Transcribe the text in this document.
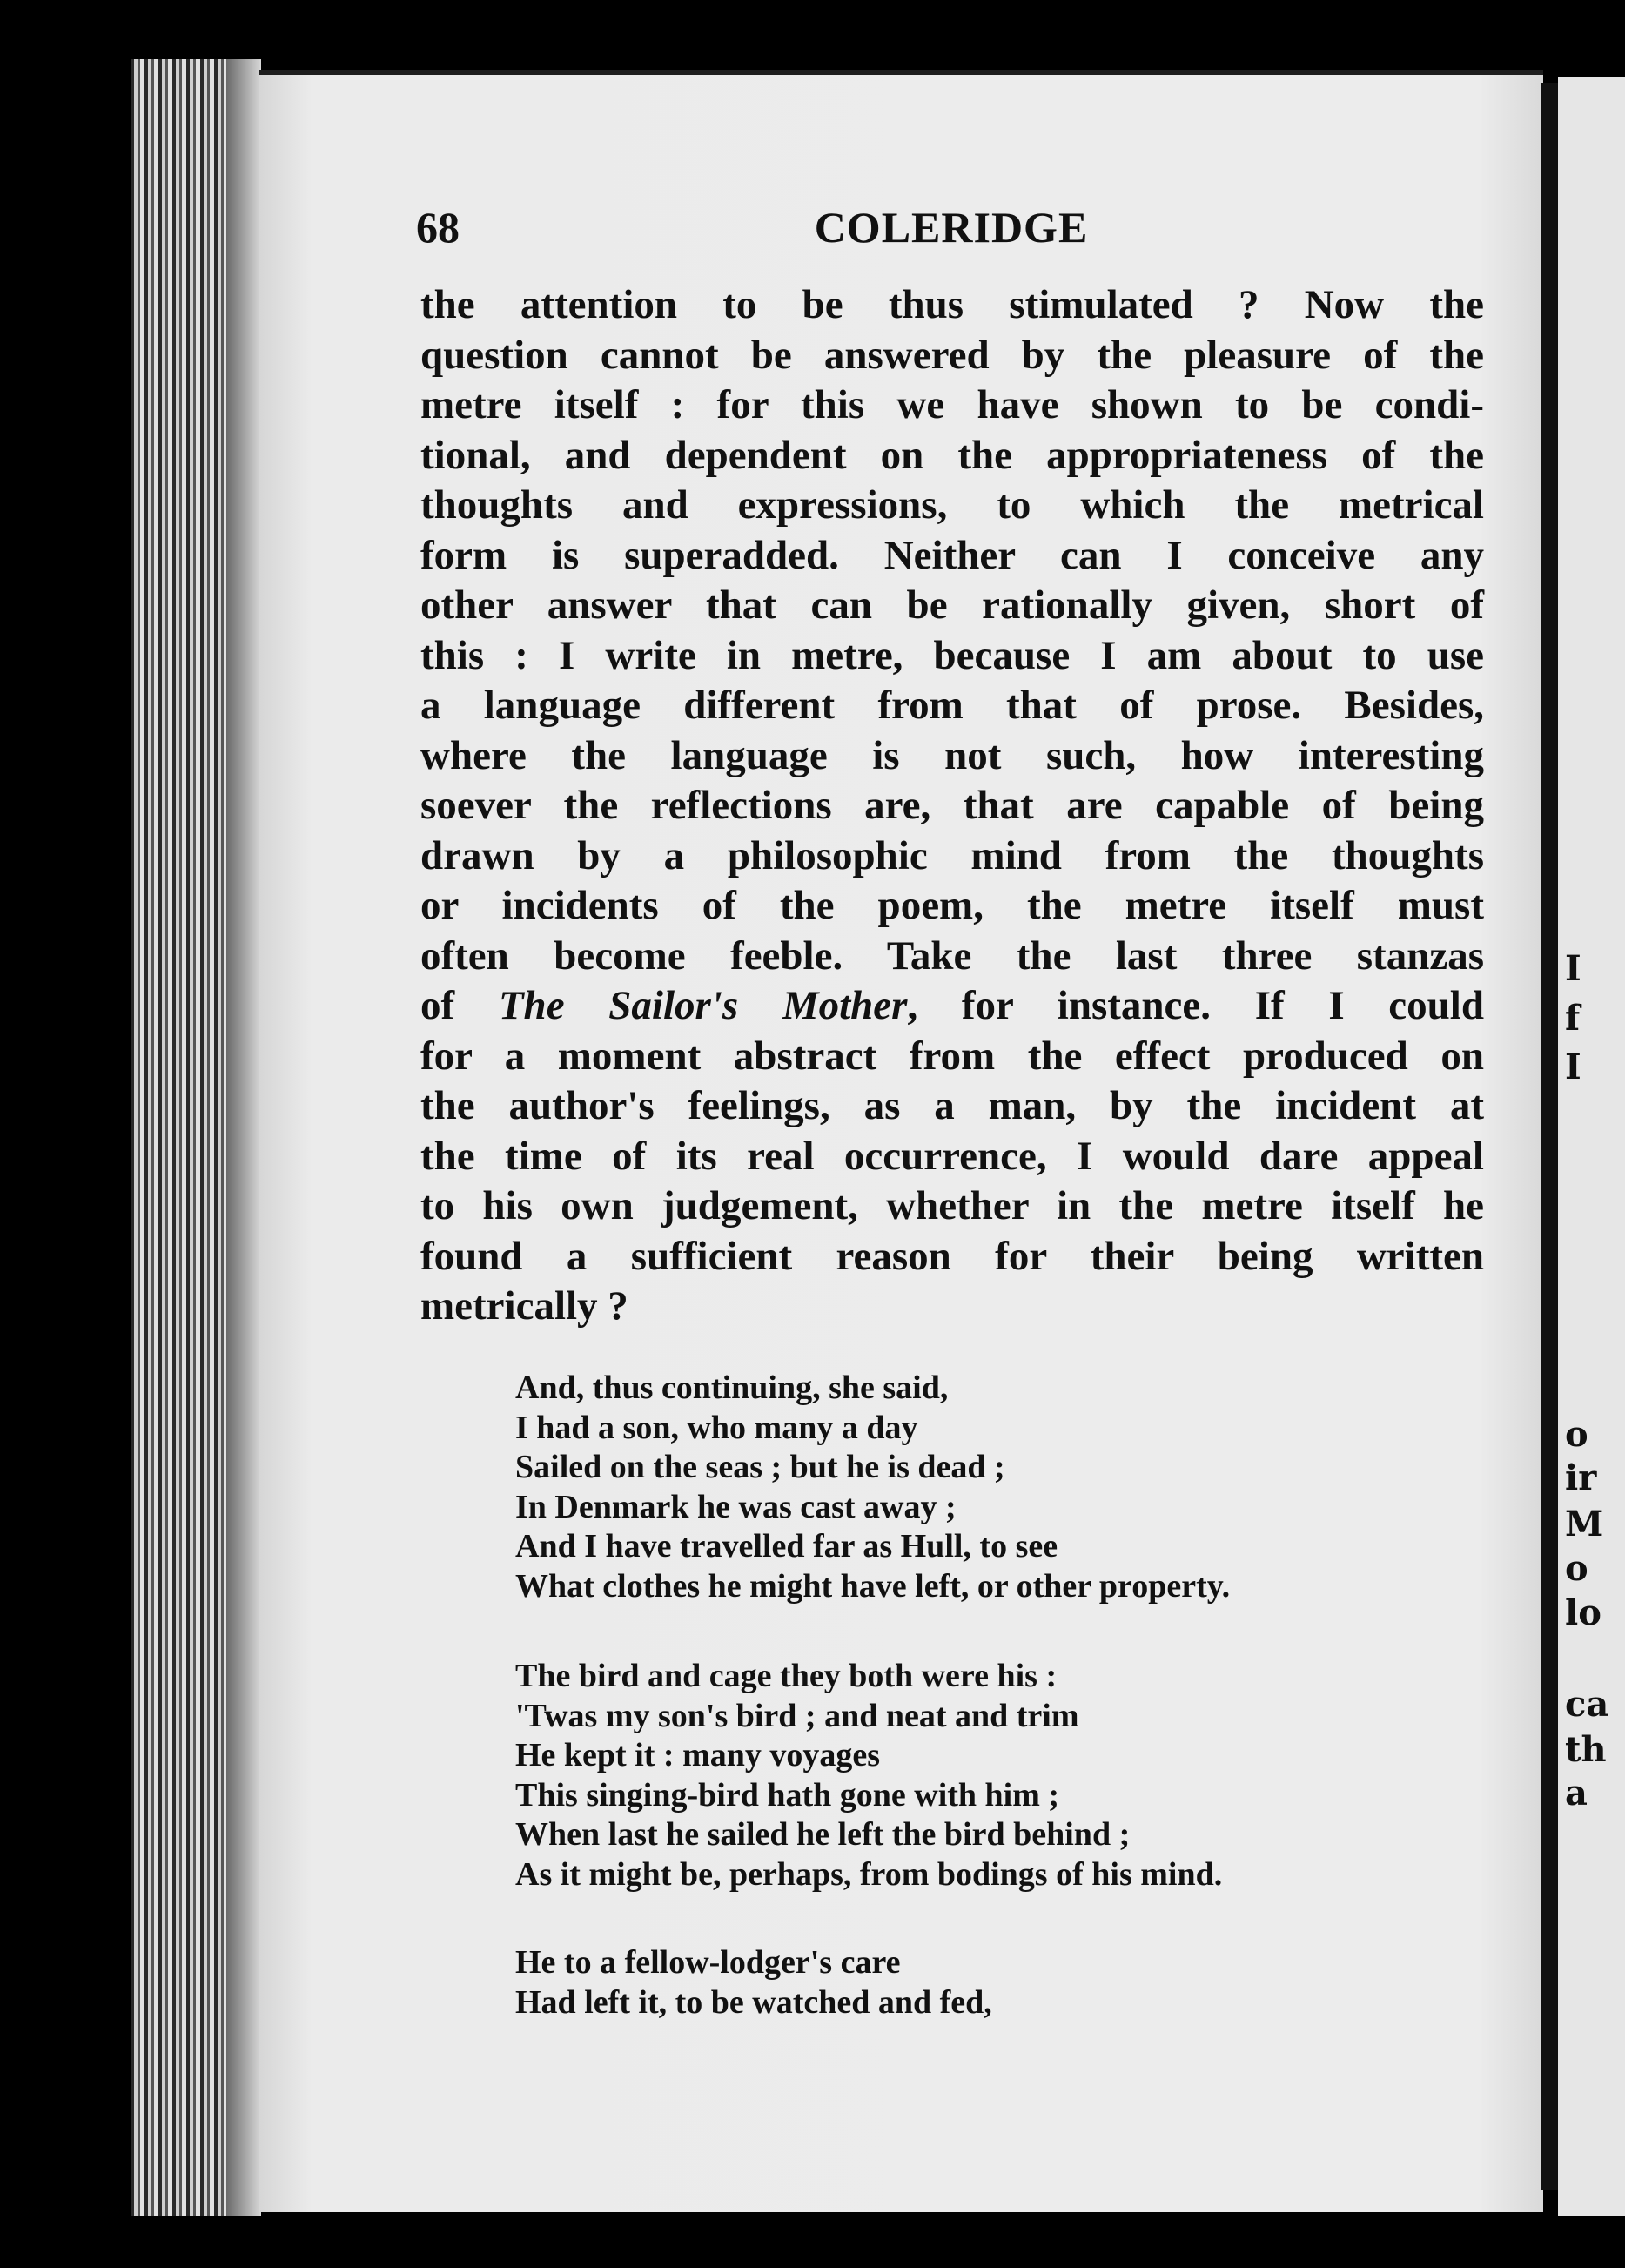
I
f
I
o
ir
M
o
lo
ca
th
a
68	COLERIDGE
the attention to be thus stimulated ? Now the
question cannot be answered by the pleasure of the
metre itself : for this we have shown to be condi-
tional, and dependent on the appropriateness of the
thoughts and expressions, to which the metrical
form is superadded. Neither can I conceive any
other answer that can be rationally given, short of
this : I write in metre, because I am about to use
a language different from that of prose. Besides,
where the language is not such, how interesting
soever the reflections are, that are capable of being
drawn by a philosophic mind from the thoughts
or incidents of the poem, the metre itself must
often become feeble. Take the last three stanzas
of The Sailor's Mother, for instance. If I could
for a moment abstract from the effect produced on
the author's feelings, as a man, by the incident at
the time of its real occurrence, I would dare appeal
to his own judgement, whether in the metre itself he
found a sufficient reason for their being written
metrically ?
And, thus continuing, she said,
I had a son, who many a day
Sailed on the seas ; but he is dead ;
In Denmark he was cast away ;
And I have travelled far as Hull, to see
What clothes he might have left, or other property.
The bird and cage they both were his :
'Twas my son's bird ; and neat and trim
He kept it : many voyages
This singing-bird hath gone with him ;
When last he sailed he left the bird behind ;
As it might be, perhaps, from bodings of his mind.
He to a fellow-lodger's care
Had left it, to be watched and fed,
